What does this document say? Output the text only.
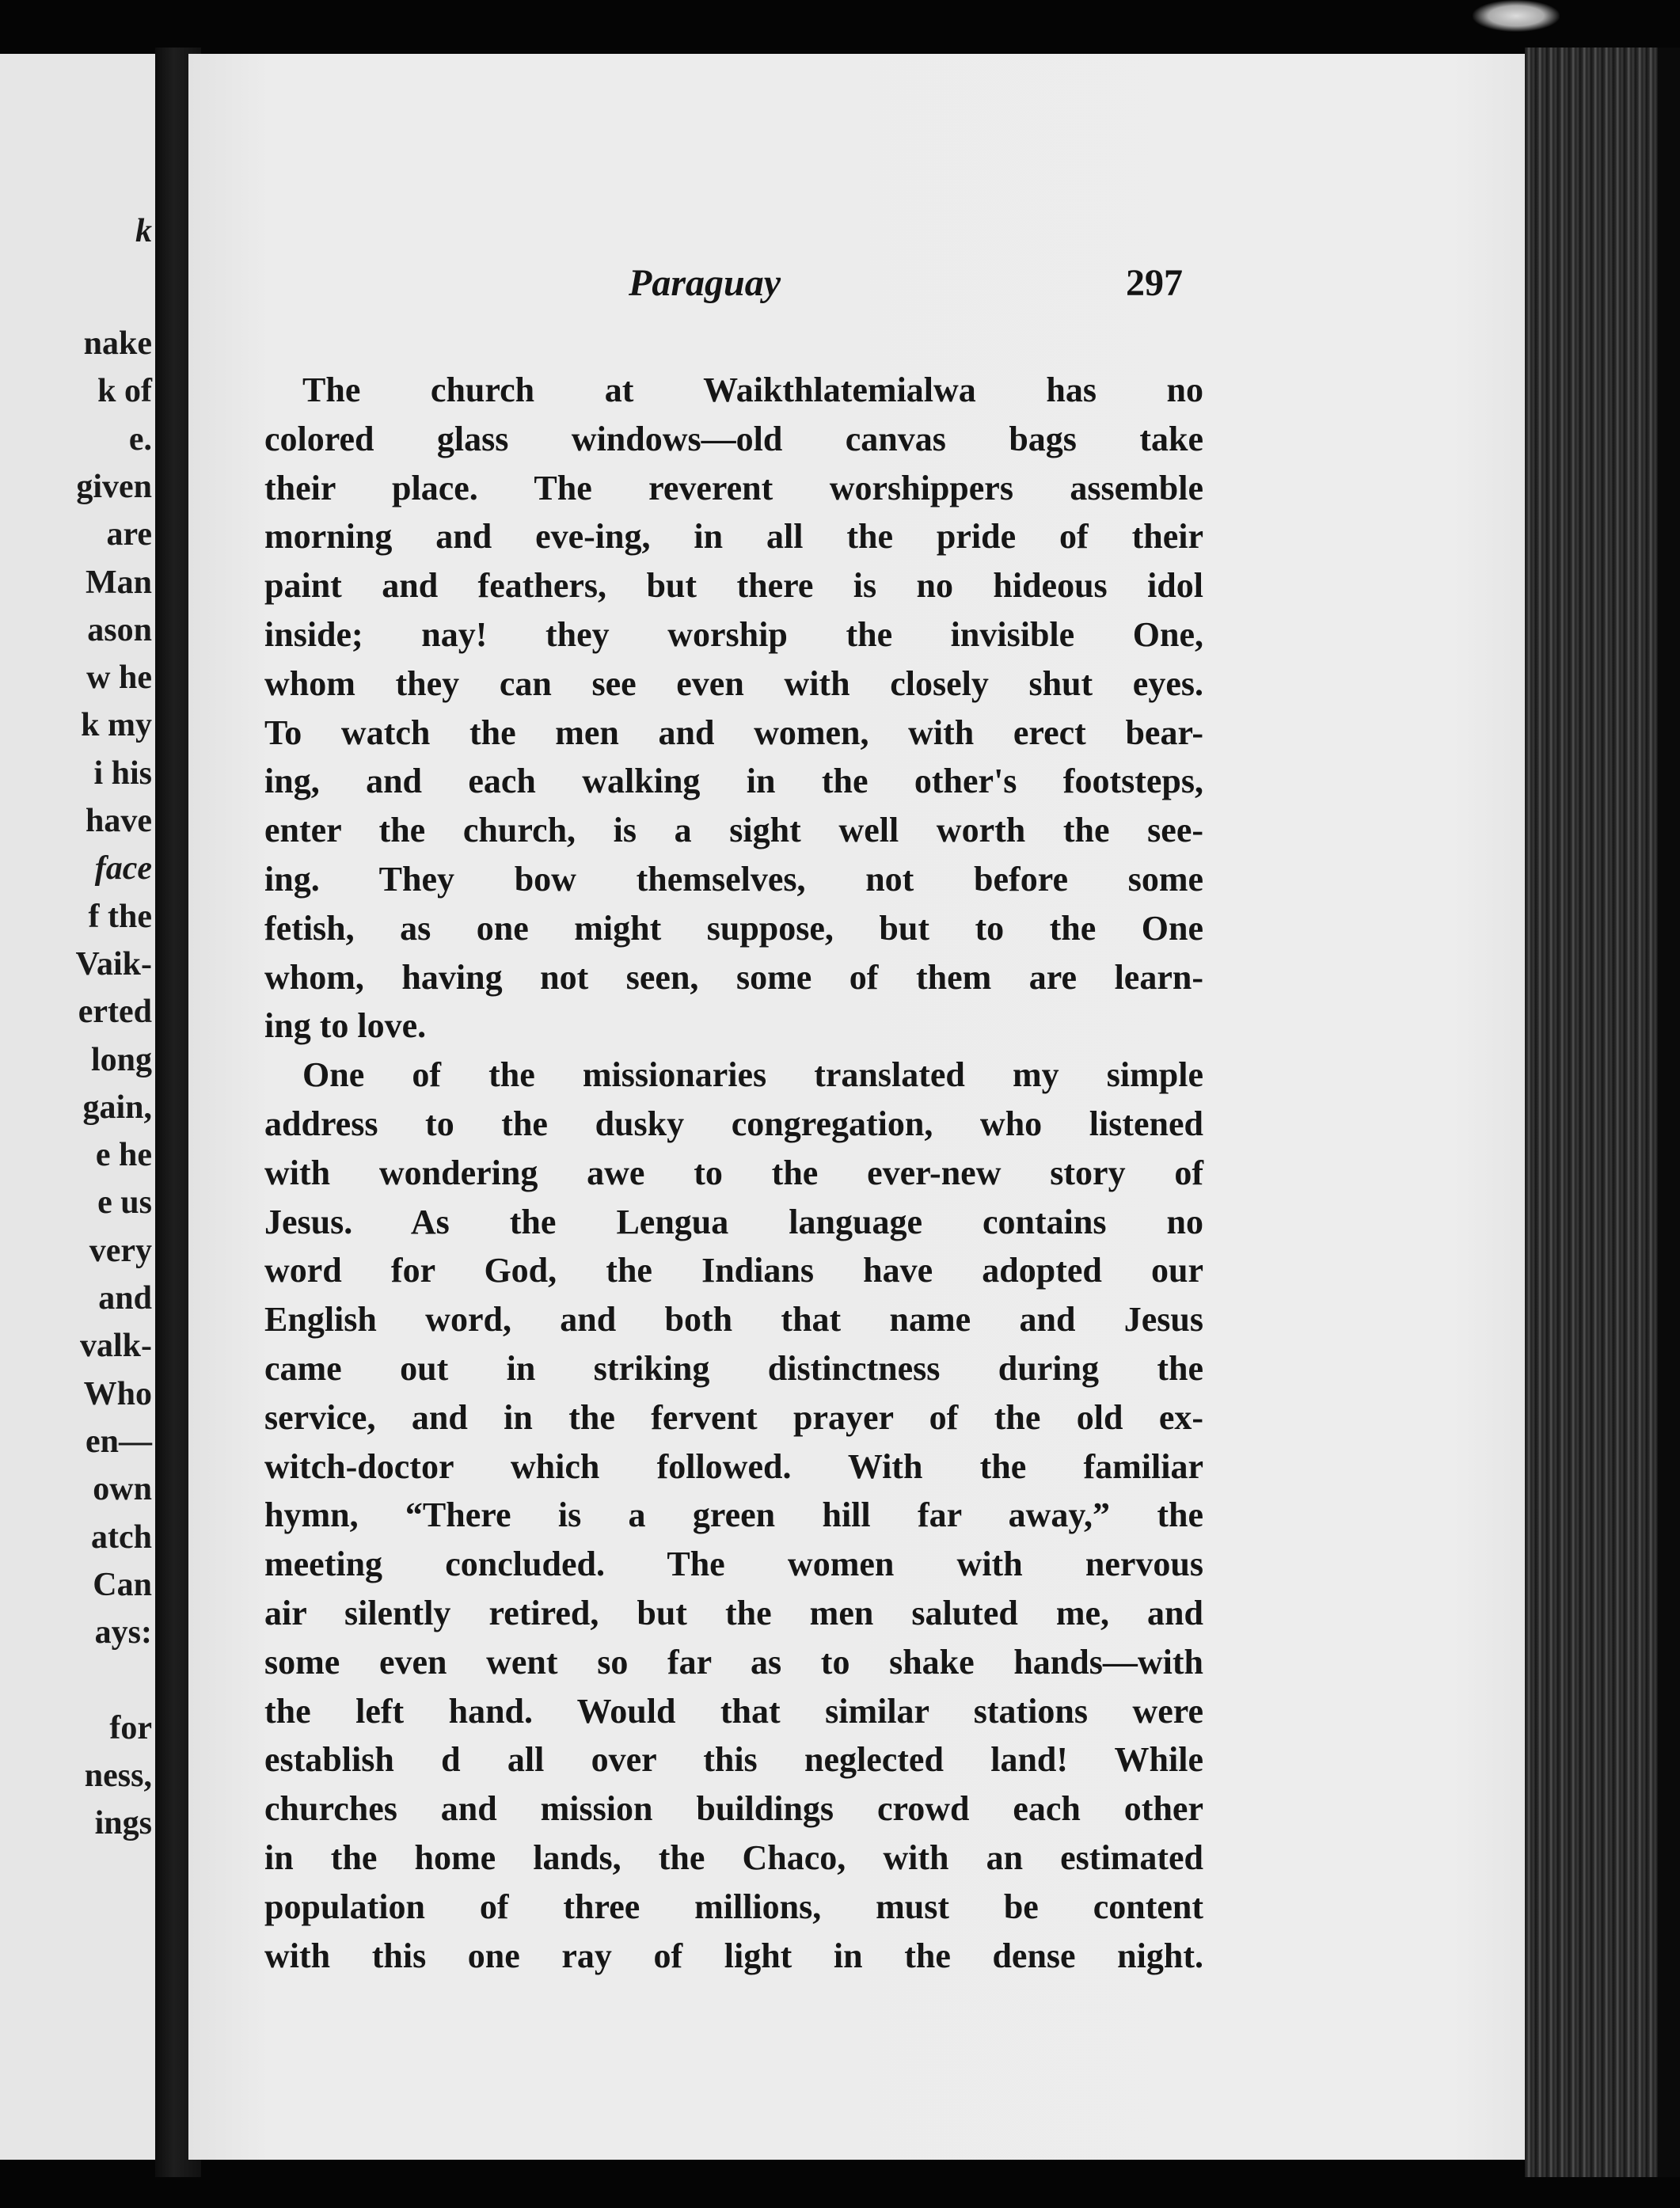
k
nake
k of
e.
given
are
Man
ason
w he
k my
i his
have
face
f the
Vaik-
erted
long
gain,
e he
e us
very
and
valk-
Who
en—
own
atch
Can
ays:
for
ness,
ings
Paraguay	297
The church at Waikthlatemialwa has no
colored glass windows—old canvas bags take
their place. The reverent worshippers assemble
morning and eve‑ing, in all the pride of their
paint and feathers, but there is no hideous idol
inside; nay! they worship the invisible One,
whom they can see even with closely shut eyes.
To watch the men and women, with erect bear-
ing, and each walking in the other's footsteps,
enter the church, is a sight well worth the see-
ing. They bow themselves, not before some
fetish, as one might suppose, but to the One
whom, having not seen, some of them are learn-
ing to love.
One of the missionaries translated my simple
address to the dusky congregation, who listened
with wondering awe to the ever-new story of
Jesus. As the Lengua language contains no
word for God, the Indians have adopted our
English word, and both that name and Jesus
came out in striking distinctness during the
service, and in the fervent prayer of the old ex-
witch-doctor which followed. With the familiar
hymn, “There is a green hill far away,” the
meeting concluded. The women with nervous
air silently retired, but the men saluted me, and
some even went so far as to shake hands—with
the left hand. Would that similar stations were
establish d all over this neglected land! While
churches and mission buildings crowd each other
in the home lands, the Chaco, with an estimated
population of three millions, must be content
with this one ray of light in the dense night.
